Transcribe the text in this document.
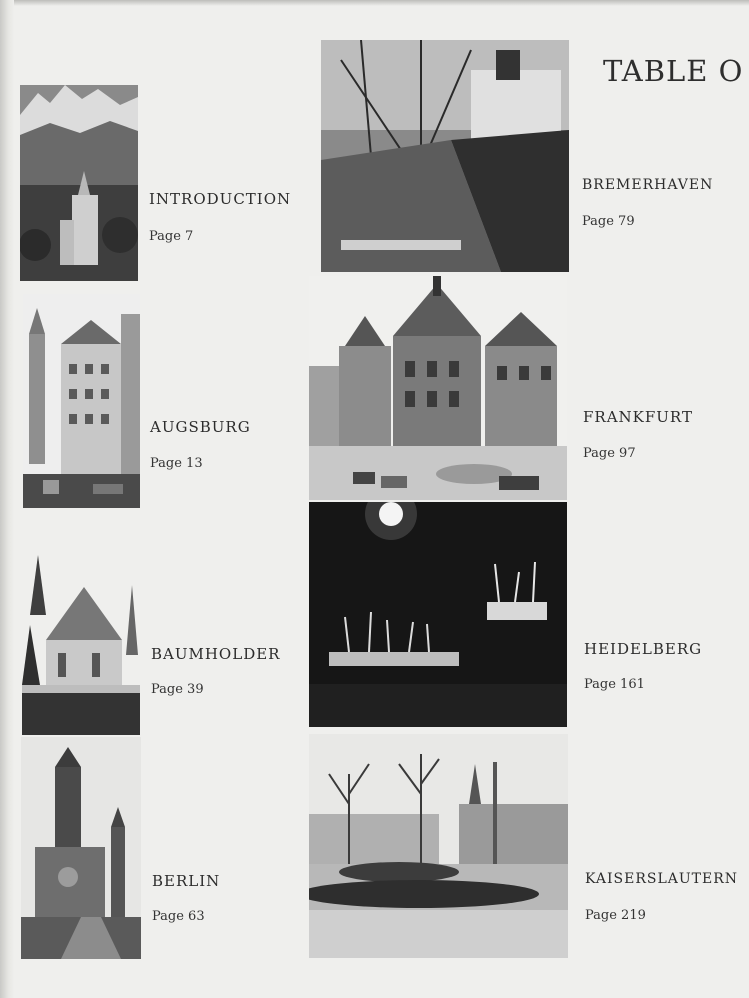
TABLE O
INTRODUCTION
Page 7
AUGSBURG
Page 13
BAUMHOLDER
Page 39
BERLIN
Page 63
BREMERHAVEN
Page 79
FRANKFURT
Page 97
HEIDELBERG
Page 161
KAISERSLAUTERN
Page 219
